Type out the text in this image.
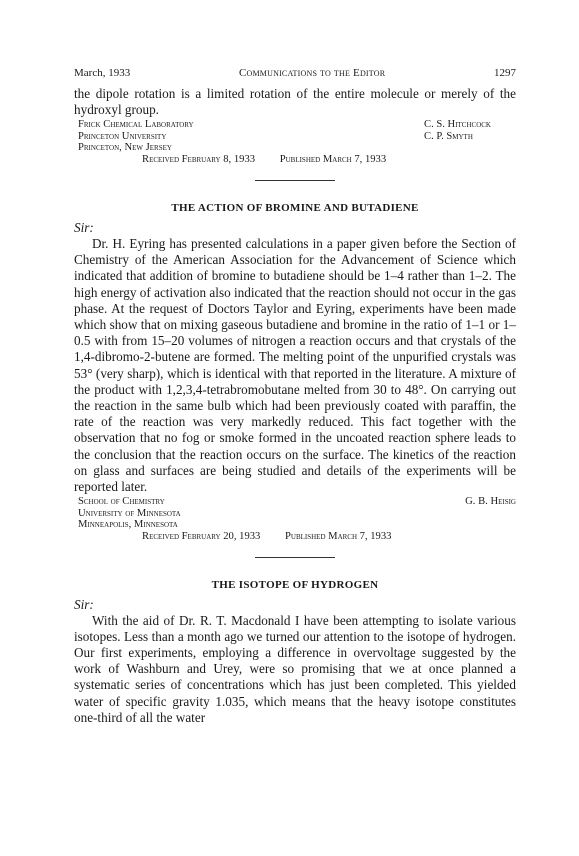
March, 1933	Communications to the Editor	1297

the dipole rotation is a limited rotation of the entire molecule or merely of the hydroxyl group.

Frick Chemical Laboratory	C. S. Hitchcock
Princeton University	C. P. Smyth
Princeton, New Jersey
Received February 8, 1933 Published March 7, 1933
THE ACTION OF BROMINE AND BUTADIENE
Sir:

Dr. H. Eyring has presented calculations in a paper given before the Section of Chemistry of the American Association for the Advancement of Science which indicated that addition of bromine to butadiene should be 1–4 rather than 1–2. The high energy of activation also indicated that the reaction should not occur in the gas phase. At the request of Doctors Taylor and Eyring, experiments have been made which show that on mixing gaseous butadiene and bromine in the ratio of 1–1 or 1–0.5 with from 15–20 volumes of nitrogen a reaction occurs and that crystals of the 1,4-dibromo-2-butene are formed. The melting point of the unpurified crystals was 53° (very sharp), which is identical with that reported in the literature. A mixture of the product with 1,2,3,4-tetrabromobutane melted from 30 to 48°. On carrying out the reaction in the same bulb which had been previously coated with paraffin, the rate of the reaction was very markedly reduced. This fact together with the observation that no fog or smoke formed in the uncoated reaction sphere leads to the conclusion that the reaction occurs on the surface. The kinetics of the reaction on glass and surfaces are being studied and details of the experiments will be reported later.

School of Chemistry	G. B. Heisig
University of Minnesota
Minneapolis, Minnesota
Received February 20, 1933 Published March 7, 1933
THE ISOTOPE OF HYDROGEN
Sir:

With the aid of Dr. R. T. Macdonald I have been attempting to isolate various isotopes. Less than a month ago we turned our attention to the isotope of hydrogen. Our first experiments, employing a difference in overvoltage suggested by the work of Washburn and Urey, were so promising that we at once planned a systematic series of concentrations which has just been completed. This yielded water of specific gravity 1.035, which means that the heavy isotope constitutes one-third of all the water
